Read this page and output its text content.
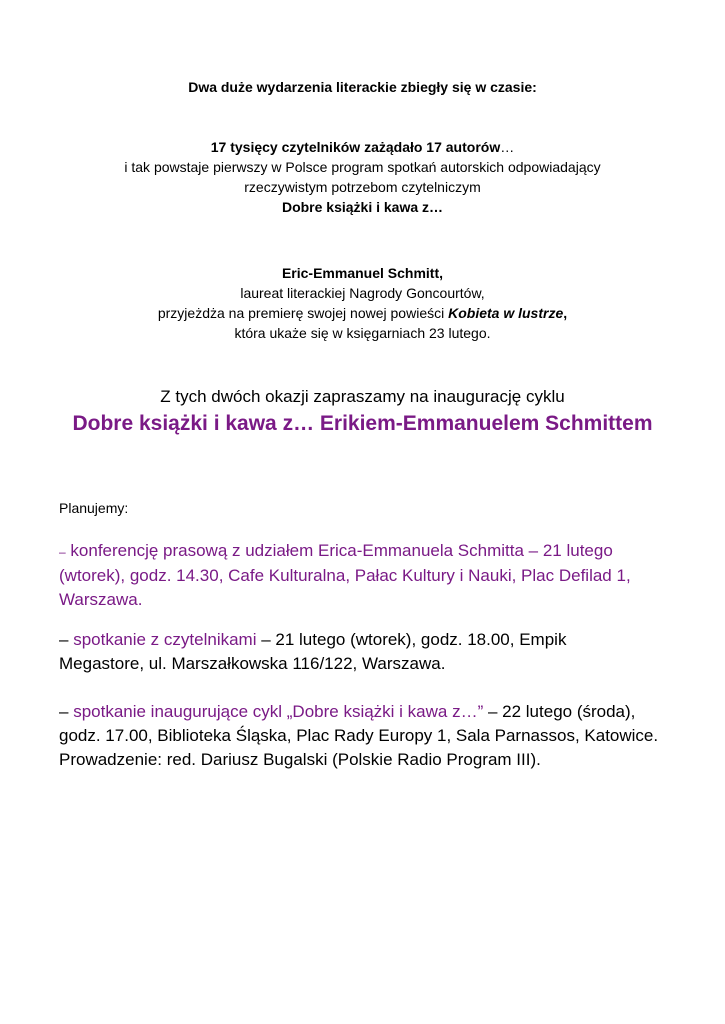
Dwa duże wydarzenia literackie zbiegły się w czasie:

17 tysięcy czytelników zażądało 17 autorów…

i tak powstaje pierwszy w Polsce program spotkań autorskich odpowiadający

rzeczywistym potrzebom czytelniczym

Dobre książki i kawa z…

Eric-Emmanuel Schmitt,

laureat literackiej Nagrody Goncourtów,

przyjeżdża na premierę swojej nowej powieści Kobieta w lustrze,

która ukaże się w księgarniach 23 lutego.

Z tych dwóch okazji zapraszamy na inaugurację cyklu
Dobre książki i kawa z… Erikiem-Emmanuelem Schmittem
Planujemy:

– konferencję prasową z udziałem Erica-Emmanuela Schmitta – 21 lutego

(wtorek), godz. 14.30, Cafe Kulturalna, Pałac Kultury i Nauki, Plac Defilad 1,

Warszawa.

– spotkanie z czytelnikami – 21 lutego (wtorek), godz. 18.00, Empik

Megastore, ul. Marszałkowska 116/122, Warszawa.

– spotkanie inaugurujące cykl „Dobre książki i kawa z…” – 22 lutego (środa),

godz. 17.00, Biblioteka Śląska, Plac Rady Europy 1, Sala Parnassos, Katowice.

Prowadzenie: red. Dariusz Bugalski (Polskie Radio Program III).
